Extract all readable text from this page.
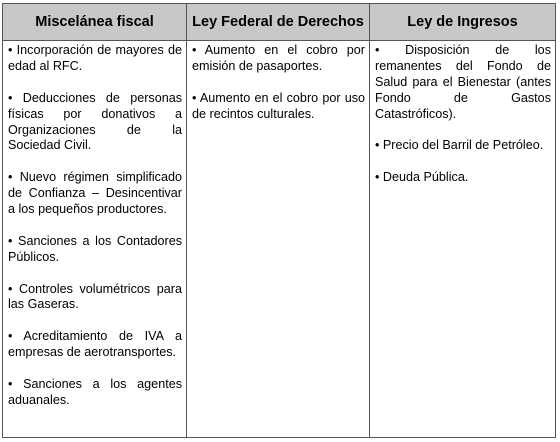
Miscelánea fiscal
• Incorporación de mayores de edad al RFC.
• Deducciones de personas físicas por donativos a Organizaciones de la Sociedad Civil.
• Nuevo régimen simplificado de Confianza – Desincentivar a los pequeños productores.
• Sanciones a los Contadores Públicos.
• Controles volumétricos para las Gaseras.
• Acreditamiento de IVA a empresas de aerotransportes.
• Sanciones a los agentes aduanales.
Ley Federal de Derechos
• Aumento en el cobro por emisión de pasaportes.
• Aumento en el cobro por uso de recintos culturales.
Ley de Ingresos
• Disposición de los remanentes del Fondo de Salud para el Bienestar (antes Fondo de Gastos Catastróficos).
• Precio del Barril de Petróleo.
• Deuda Pública.
